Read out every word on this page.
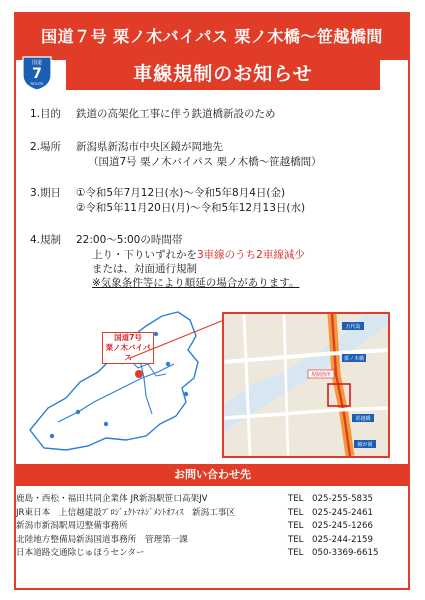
国道７号 栗ノ木バイパス 栗ノ木橋〜笹越橋間
国道
7
ROUTE	車線規制のお知らせ
1.目的 鉄道の高架化工事に伴う鉄道橋新設のため
2.場所 新潟県新潟市中央区鏡が岡地先
（国道7号 栗ノ木バイパス 栗ノ木橋〜笹越橋間）
3.期日 ①令和5年7月12日(水)〜令和5年8月4日(金)
②令和5年11月20日(月)〜令和5年12月13日(水)
4.規制 22:00〜5:00の時間帯
上り・下りいずれかを3車線のうち2車線減少
または、対面通行規制
※気象条件等により順延の場合があります。
国道7号
栗ノ木バイパス
万代島
栗ノ木橋
規制箇所
笹越橋
鏡が岡
お問い合わせ先
鹿島・西松・福田共同企業体 JR新潟駅笹口高架JV	TEL　025-255-5835
JR東日本　上信越建設ﾌﾟﾛｼﾞｪｸﾄﾏﾈｼﾞﾒﾝﾄｵﾌｨｽ　新潟工事区	TEL　025-245-2461
新潟市新潟駅周辺整備事務所	TEL　025-245-1266
北陸地方整備局新潟国道事務所　管理第一課	TEL　025-244-2159
日本道路交通除じゅほうセンター	TEL　050-3369-6615
